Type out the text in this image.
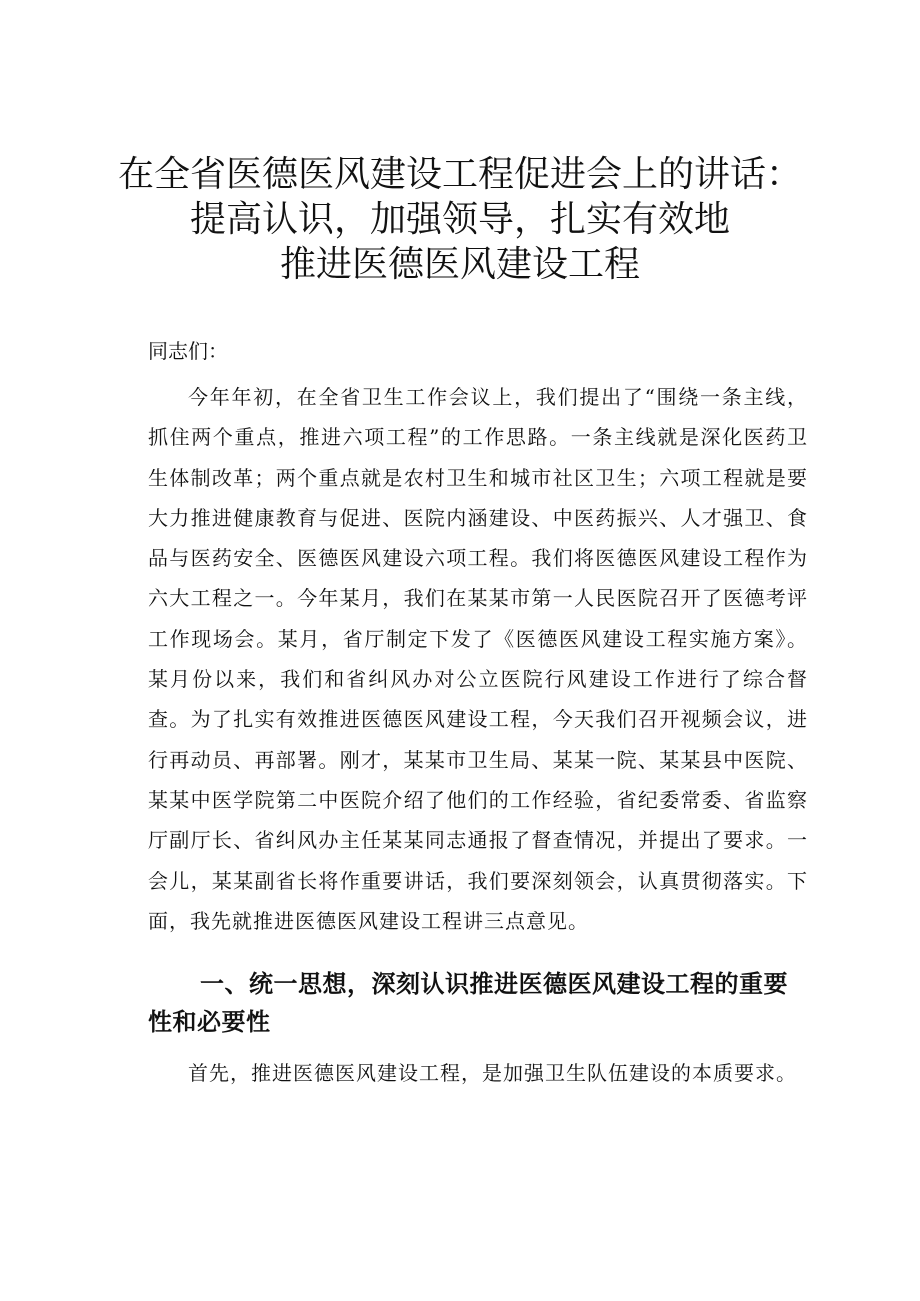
在全省医德医风建设工程促进会上的讲话：
提高认识，加强领导，扎实有效地
推进医德医风建设工程

同志们：

今年年初，在全省卫生工作会议上，我们提出了“围绕一条主线，抓住两个重点，推进六项工程”的工作思路。一条主线就是深化医药卫生体制改革；两个重点就是农村卫生和城市社区卫生；六项工程就是要大力推进健康教育与促进、医院内涵建设、中医药振兴、人才强卫、食品与医药安全、医德医风建设六项工程。我们将医德医风建设工程作为六大工程之一。今年某月，我们在某某市第一人民医院召开了医德考评工作现场会。某月，省厅制定下发了《医德医风建设工程实施方案》。某月份以来，我们和省纠风办对公立医院行风建设工作进行了综合督查。为了扎实有效推进医德医风建设工程，今天我们召开视频会议，进行再动员、再部署。刚才，某某市卫生局、某某一院、某某县中医院、某某中医学院第二中医院介绍了他们的工作经验，省纪委常委、省监察厅副厅长、省纠风办主任某某同志通报了督查情况，并提出了要求。一会儿，某某副省长将作重要讲话，我们要深刻领会，认真贯彻落实。下面，我先就推进医德医风建设工程讲三点意见。

一、统一思想，深刻认识推进医德医风建设工程的重要性和必要性

首先，推进医德医风建设工程，是加强卫生队伍建设的本质要求。
